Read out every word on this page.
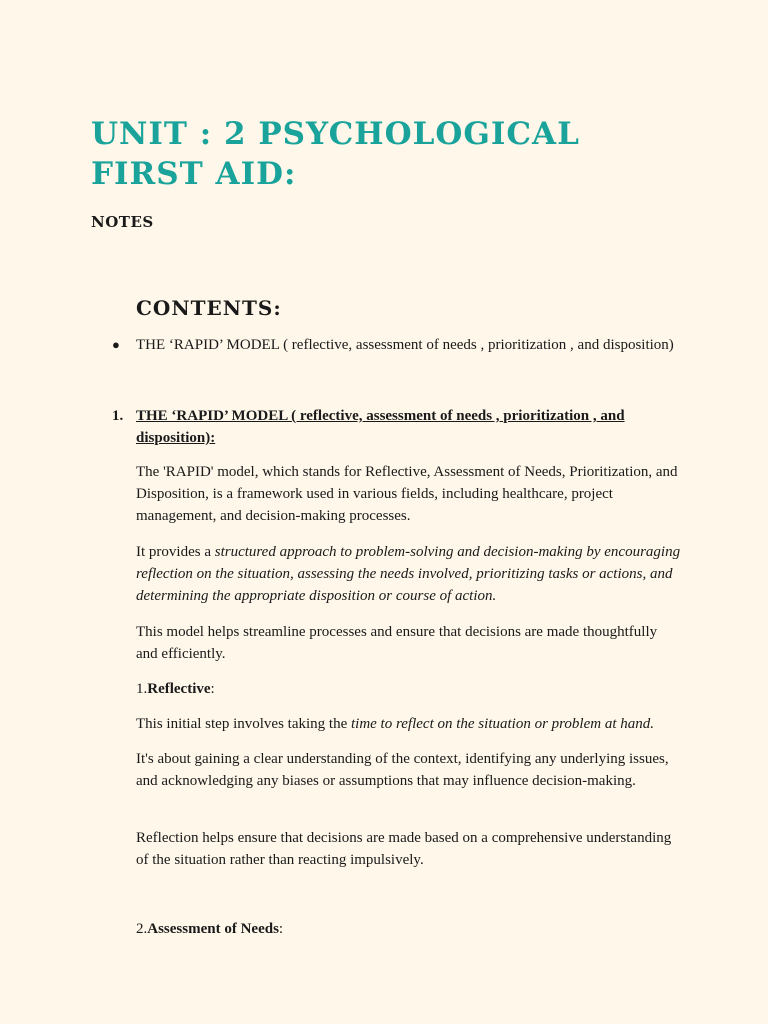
UNIT : 2 PSYCHOLOGICAL FIRST AID:
NOTES
CONTENTS:
● THE ‘RAPID’ MODEL ( reflective, assessment of needs , prioritization , and disposition)
1. THE ‘RAPID’ MODEL ( reflective, assessment of needs , prioritization , and disposition):

The 'RAPID' model, which stands for Reflective, Assessment of Needs, Prioritization, and Disposition, is a framework used in various fields, including healthcare, project management, and decision-making processes.

It provides a structured approach to problem-solving and decision-making by encouraging reflection on the situation, assessing the needs involved, prioritizing tasks or actions, and determining the appropriate disposition or course of action.

This model helps streamline processes and ensure that decisions are made thoughtfully and efficiently.

1.Reflective:

This initial step involves taking the time to reflect on the situation or problem at hand.

It's about gaining a clear understanding of the context, identifying any underlying issues, and acknowledging any biases or assumptions that may influence decision-making.

Reflection helps ensure that decisions are made based on a comprehensive understanding of the situation rather than reacting impulsively.

2.Assessment of Needs:
